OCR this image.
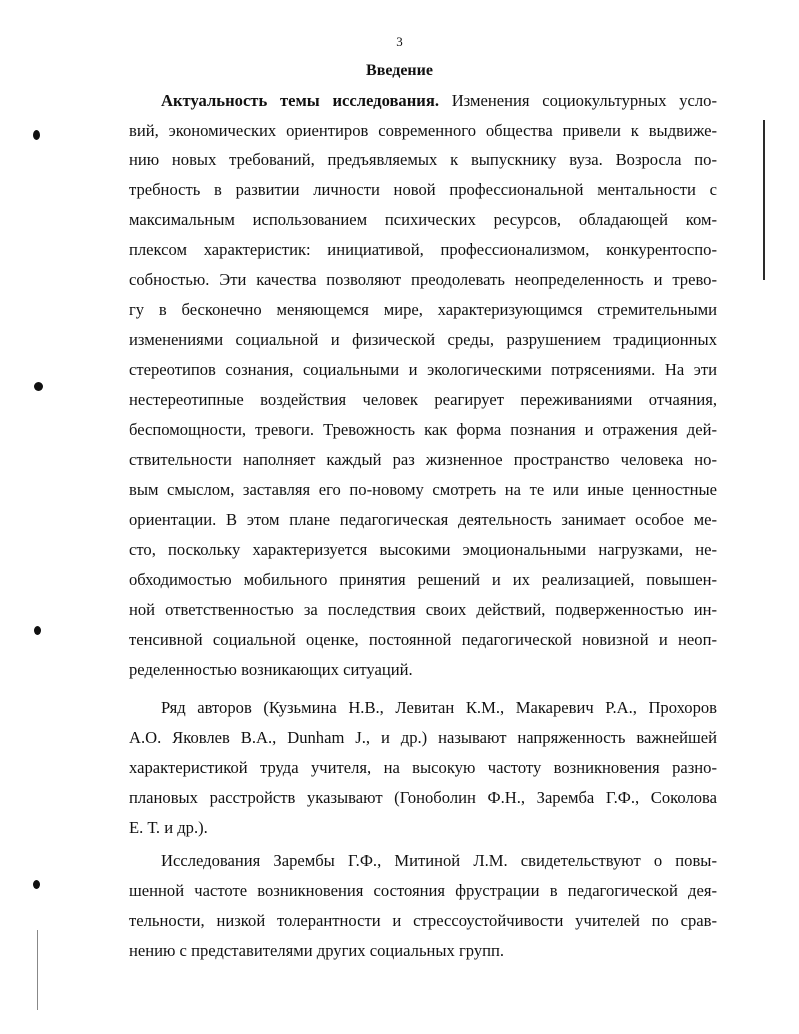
3
Введение
Актуальность темы исследования. Изменения социокультурных усло-
вий, экономических ориентиров современного общества привели к выдвиже-
нию новых требований, предъявляемых к выпускнику вуза. Возросла по-
требность в развитии личности новой профессиональной ментальности с
максимальным использованием психических ресурсов, обладающей ком-
плексом характеристик: инициативой, профессионализмом, конкурентоспо-
собностью. Эти качества позволяют преодолевать неопределенность и трево-
гу в бесконечно меняющемся мире, характеризующимся стремительными
изменениями социальной и физической среды, разрушением традиционных
стереотипов сознания, социальными и экологическими потрясениями. На эти
нестереотипные воздействия человек реагирует переживаниями отчаяния,
беспомощности, тревоги. Тревожность как форма познания и отражения дей-
ствительности наполняет каждый раз жизненное пространство человека но-
вым смыслом, заставляя его по-новому смотреть на те или иные ценностные
ориентации. В этом плане педагогическая деятельность занимает особое ме-
сто, поскольку характеризуется высокими эмоциональными нагрузками, не-
обходимостью мобильного принятия решений и их реализацией, повышен-
ной ответственностью за последствия своих действий, подверженностью ин-
тенсивной социальной оценке, постоянной педагогической новизной и неоп-
ределенностью возникающих ситуаций.
Ряд авторов (Кузьмина Н.В., Левитан К.М., Макаревич Р.А., Прохоров
А.О. Яковлев В.А., Dunham J., и др.) называют напряженность важнейшей
характеристикой труда учителя, на высокую частоту возникновения разно-
плановых расстройств указывают (Гоноболин Ф.Н., Заремба Г.Ф., Соколова
Е. Т. и др.).
Исследования Зарембы Г.Ф., Митиной Л.М. свидетельствуют о повы-
шенной частоте возникновения состояния фрустрации в педагогической дея-
тельности, низкой толерантности и стрессоустойчивости учителей по срав-
нению с представителями других социальных групп.
